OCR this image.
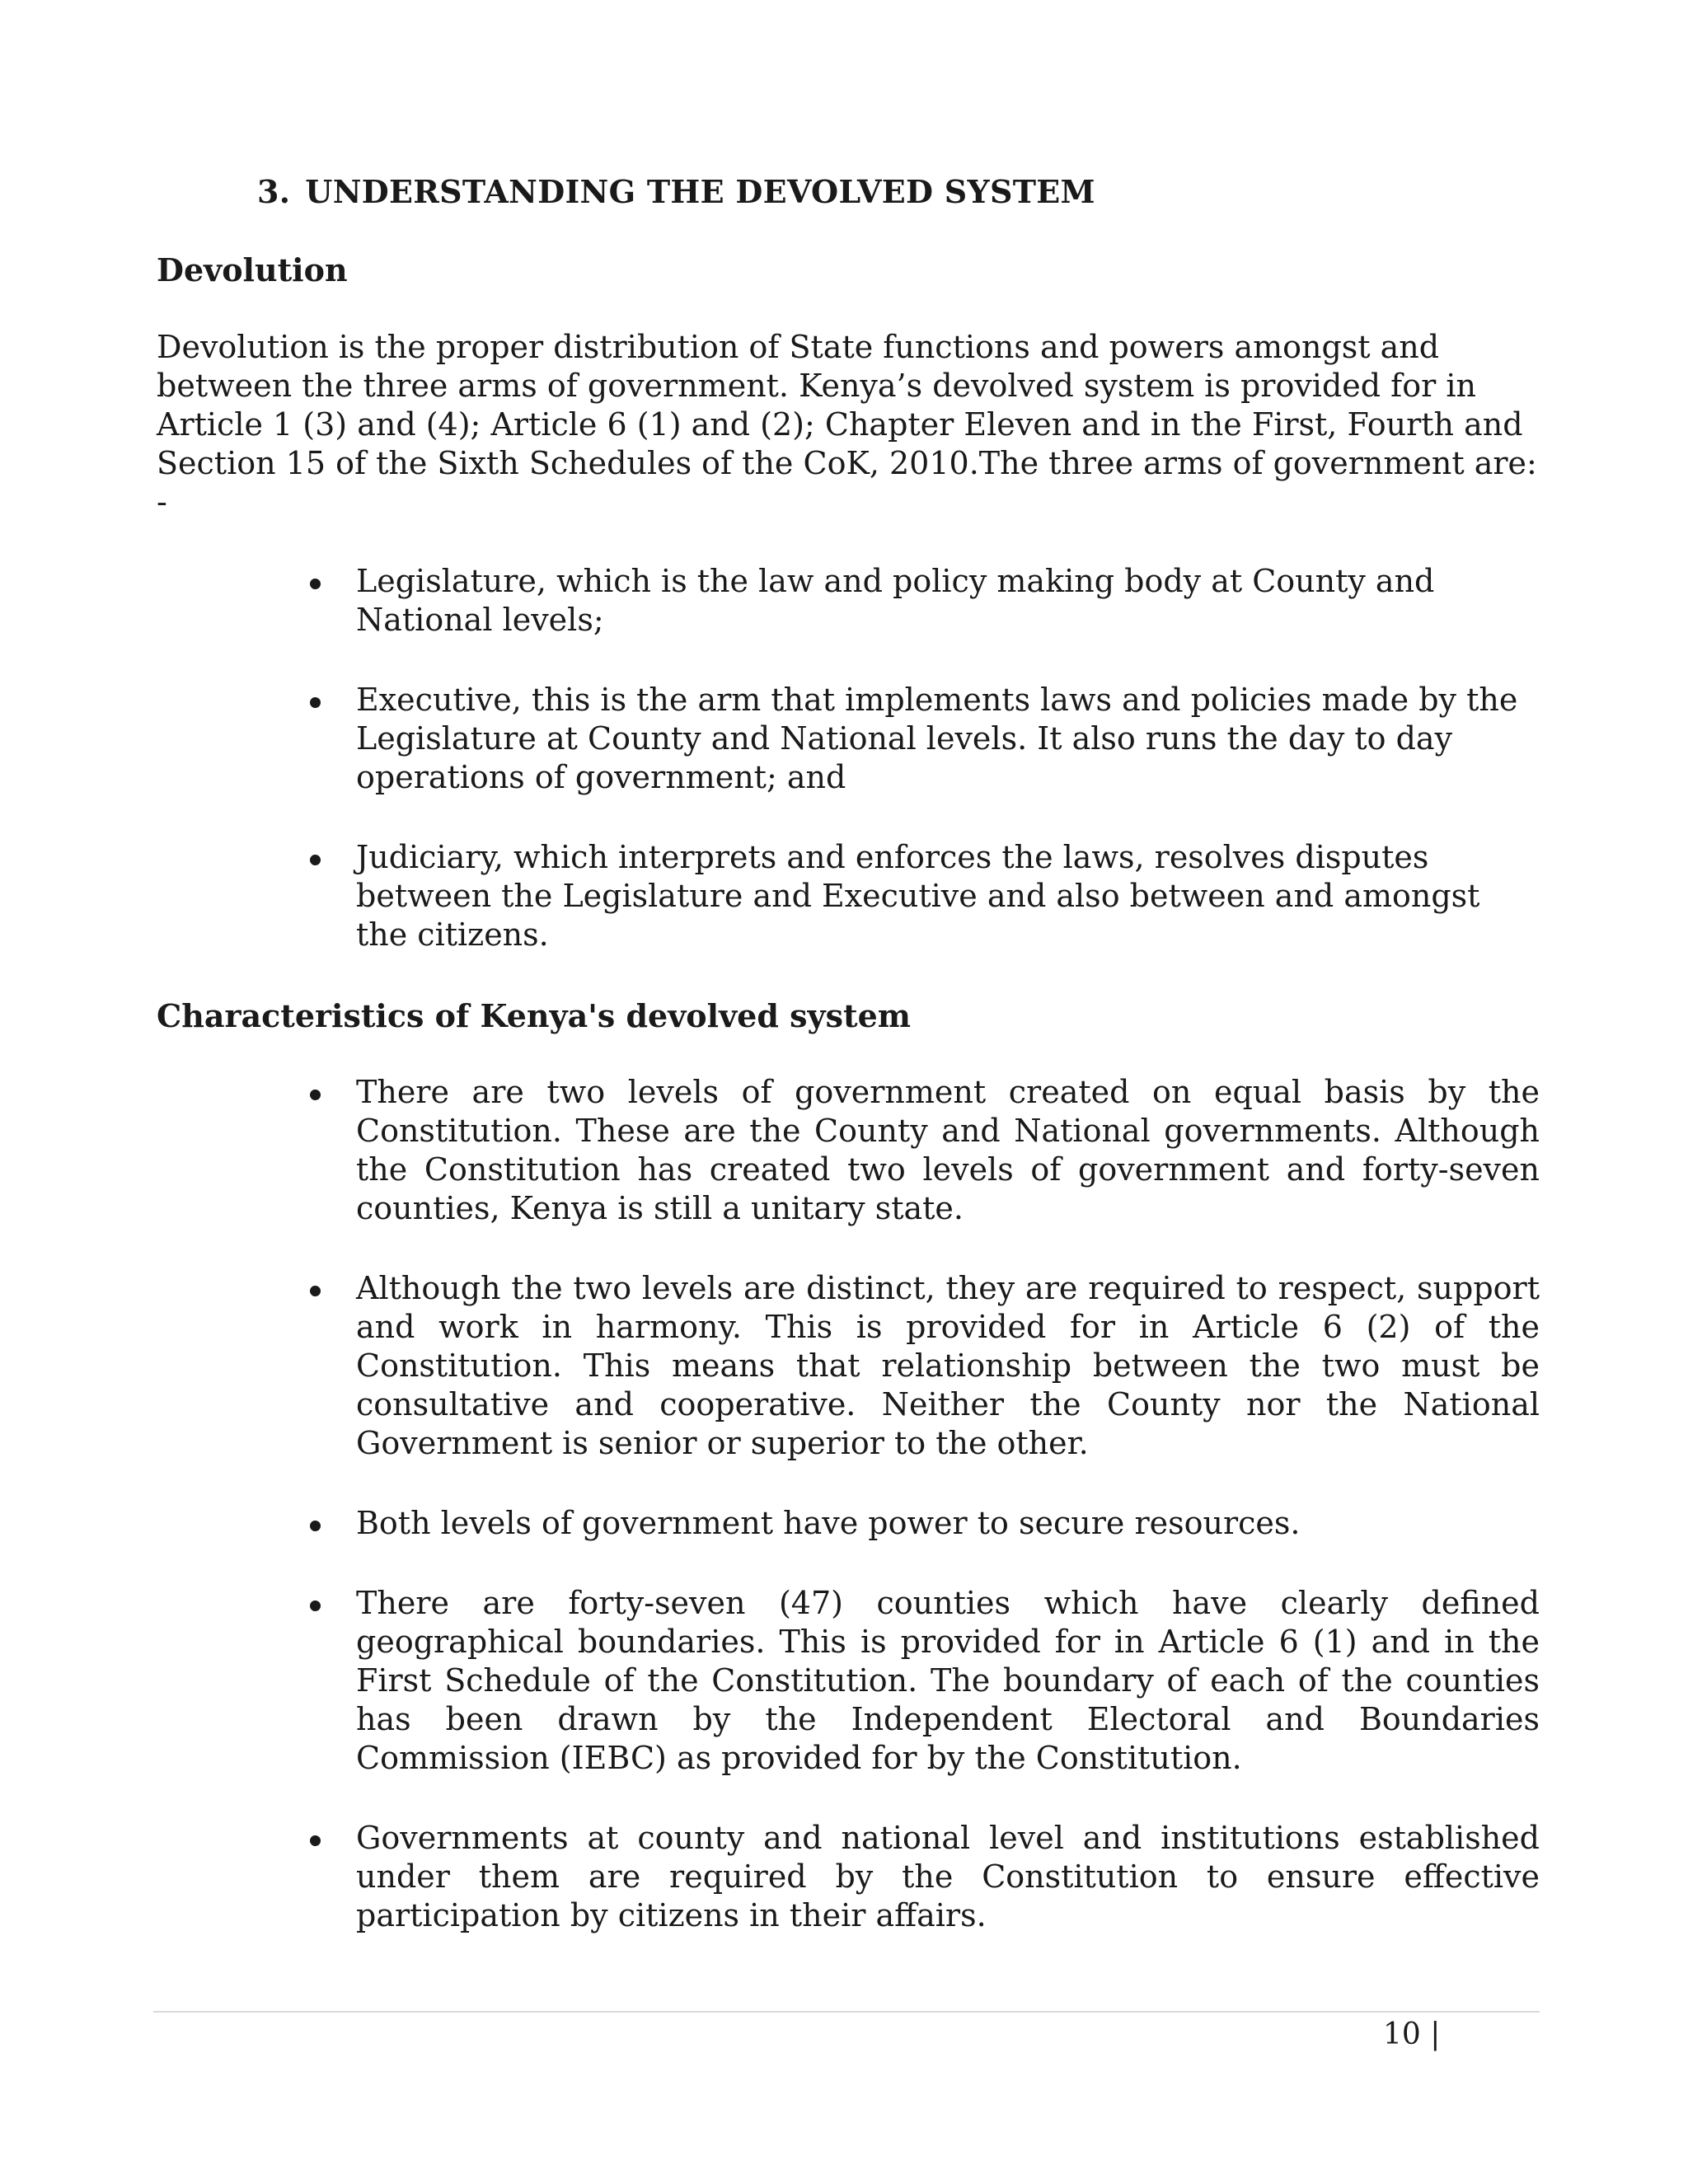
3. UNDERSTANDING THE DEVOLVED SYSTEM
Devolution

Devolution is the proper distribution of State functions and powers amongst and between the three arms of government. Kenya’s devolved system is provided for in Article 1 (3) and (4); Article 6 (1) and (2); Chapter Eleven and in the First, Fourth and Section 15 of the Sixth Schedules of the CoK, 2010.The three arms of government are: -

Legislature, which is the law and policy making body at County and National levels;
Executive, this is the arm that implements laws and policies made by the Legislature at County and National levels. It also runs the day to day operations of government; and
Judiciary, which interprets and enforces the laws, resolves disputes between the Legislature and Executive and also between and amongst the citizens.
Characteristics of Kenya's devolved system
There are two levels of government created on equal basis by the Constitution. These are the County and National governments. Although the Constitution has created two levels of government and forty-seven counties, Kenya is still a unitary state.
Although the two levels are distinct, they are required to respect, support and work in harmony. This is provided for in Article 6 (2) of the Constitution. This means that relationship between the two must be consultative and cooperative. Neither the County nor the National Government is senior or superior to the other.
Both levels of government have power to secure resources.
There are forty-seven (47) counties which have clearly defined geographical boundaries. This is provided for in Article 6 (1) and in the First Schedule of the Constitution. The boundary of each of the counties has been drawn by the Independent Electoral and Boundaries Commission (IEBC) as provided for by the Constitution.
Governments at county and national level and institutions established under them are required by the Constitution to ensure effective participation by citizens in their affairs.
10 |
